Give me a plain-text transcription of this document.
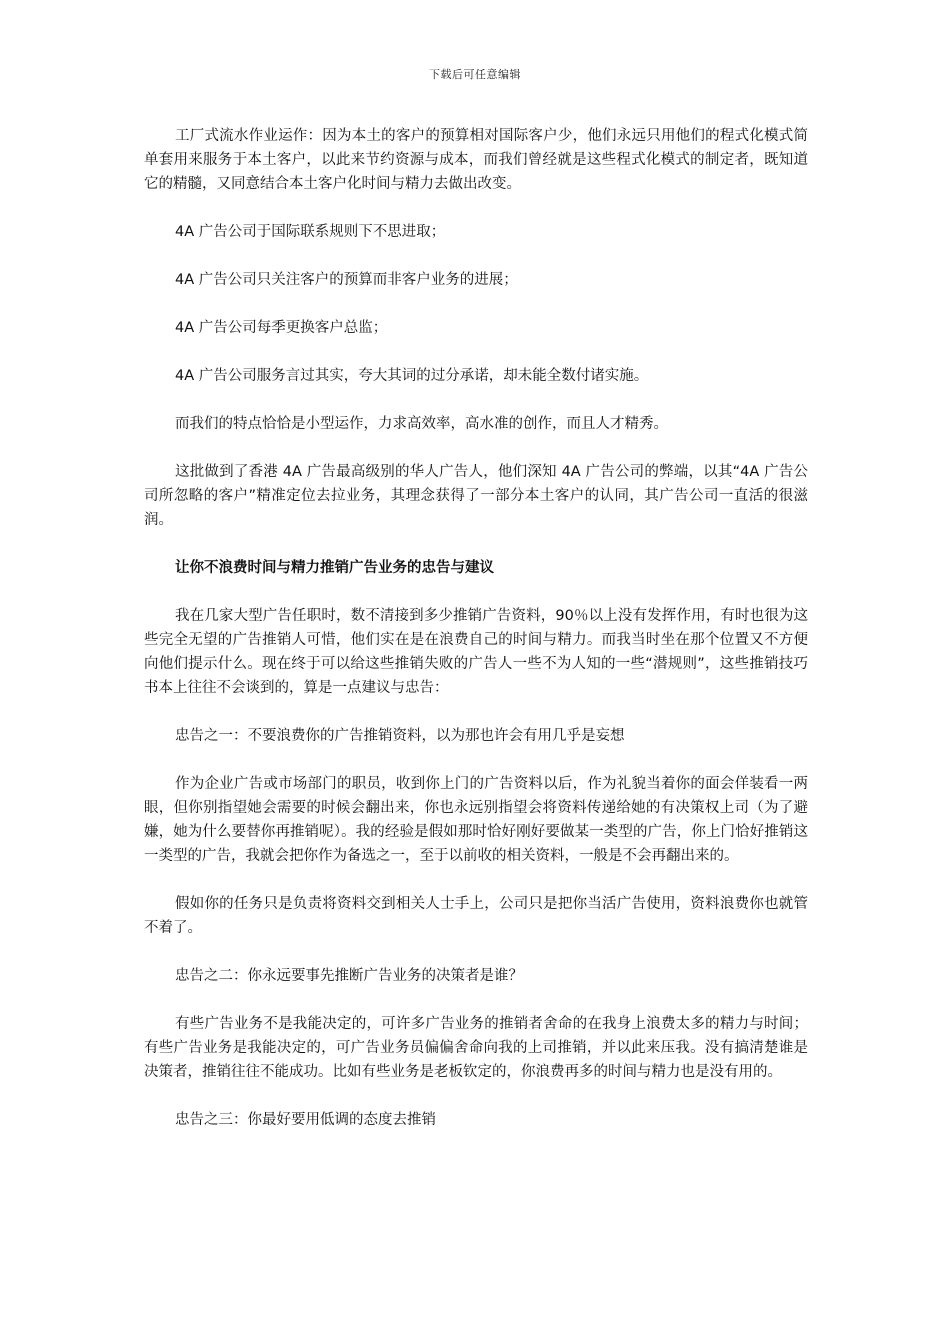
下载后可任意编辑

工厂式流水作业运作：因为本土的客户的预算相对国际客户少，他们永远只用他们的程式化模式简单套用来服务于本土客户，以此来节约资源与成本，而我们曾经就是这些程式化模式的制定者，既知道它的精髓，又同意结合本土客户化时间与精力去做出改变。

4A 广告公司于国际联系规则下不思进取；

4A 广告公司只关注客户的预算而非客户业务的进展；

4A 广告公司每季更换客户总监；

4A 广告公司服务言过其实，夸大其词的过分承诺，却未能全数付诸实施。

而我们的特点恰恰是小型运作，力求高效率，高水准的创作，而且人才精秀。

这批做到了香港 4A 广告最高级别的华人广告人，他们深知 4A 广告公司的弊端，以其“4A 广告公司所忽略的客户”精准定位去拉业务，其理念获得了一部分本土客户的认同，其广告公司一直活的很滋润。

让你不浪费时间与精力推销广告业务的忠告与建议

我在几家大型广告任职时，数不清接到多少推销广告资料，90％以上没有发挥作用，有时也很为这些完全无望的广告推销人可惜，他们实在是在浪费自己的时间与精力。而我当时坐在那个位置又不方便向他们提示什么。现在终于可以给这些推销失败的广告人一些不为人知的一些“潜规则”，这些推销技巧书本上往往不会谈到的，算是一点建议与忠告：

忠告之一：不要浪费你的广告推销资料，以为那也许会有用几乎是妄想

作为企业广告或市场部门的职员，收到你上门的广告资料以后，作为礼貌当着你的面会佯装看一两眼，但你别指望她会需要的时候会翻出来，你也永远别指望会将资料传递给她的有决策权上司（为了避嫌，她为什么要替你再推销呢）。我的经验是假如那时恰好刚好要做某一类型的广告，你上门恰好推销这一类型的广告，我就会把你作为备选之一，至于以前收的相关资料，一般是不会再翻出来的。

假如你的任务只是负责将资料交到相关人士手上，公司只是把你当活广告使用，资料浪费你也就管不着了。

忠告之二：你永远要事先推断广告业务的决策者是谁？

有些广告业务不是我能决定的，可许多广告业务的推销者舍命的在我身上浪费太多的精力与时间；有些广告业务是我能决定的，可广告业务员偏偏舍命向我的上司推销，并以此来压我。没有搞清楚谁是决策者，推销往往不能成功。比如有些业务是老板钦定的，你浪费再多的时间与精力也是没有用的。

忠告之三：你最好要用低调的态度去推销
